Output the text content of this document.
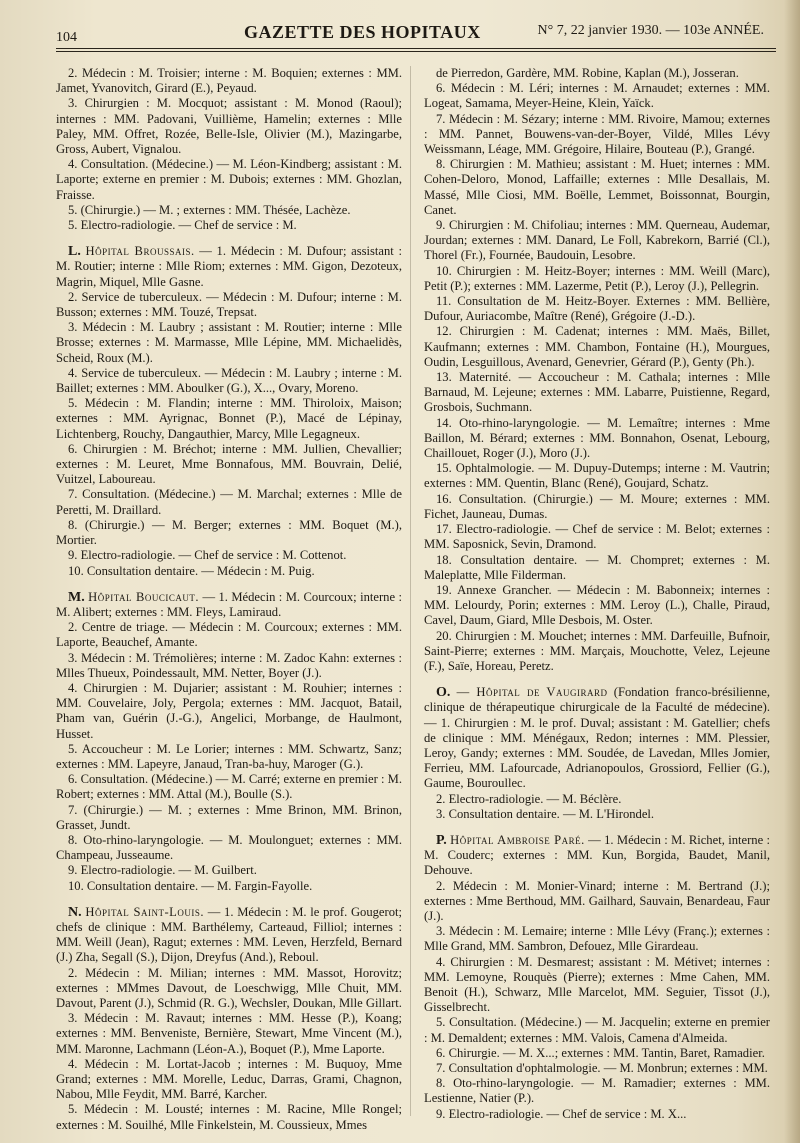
104	GAZETTE DES HOPITAUX	N° 7, 22 janvier 1930. — 103e ANNÉE.

2. Médecin : M. Troisier; interne : M. Boquien; externes : MM. Jamet, Yvanovitch, Girard (E.), Peyaud.

3. Chirurgien : M. Mocquot; assistant : M. Monod (Raoul); internes : MM. Padovani, Vuillième, Hamelin; externes : Mlle Paley, MM. Offret, Rozée, Belle-Isle, Olivier (M.), Mazingarbe, Gross, Aubert, Vignalou.

4. Consultation. (Médecine.) — M. Léon-Kindberg; assistant : M. Laporte; externe en premier : M. Dubois; externes : MM. Ghozlan, Fraisse.

5. (Chirurgie.) — M. ; externes : MM. Thésée, Lachèze.

5. Electro-radiologie. — Chef de service : M.

L. Hôpital Broussais. — 1. Médecin : M. Dufour; assistant : M. Routier; interne : Mlle Riom; externes : MM. Gigon, Dezoteux, Magrin, Miquel, Mlle Gasne.

2. Service de tuberculeux. — Médecin : M. Dufour; interne : M. Busson; externes : MM. Touzé, Trepsat.

3. Médecin : M. Laubry ; assistant : M. Routier; interne : Mlle Brosse; externes : M. Marmasse, Mlle Lépine, MM. Michaelidès, Scheid, Roux (M.).

4. Service de tuberculeux. — Médecin : M. Laubry ; interne : M. Baillet; externes : MM. Aboulker (G.), X..., Ovary, Moreno.

5. Médecin : M. Flandin; interne : MM. Thiroloix, Maison; externes : MM. Ayrignac, Bonnet (P.), Macé de Lépinay, Lichtenberg, Rouchy, Dangauthier, Marcy, Mlle Legagneux.

6. Chirurgien : M. Bréchot; interne : MM. Jullien, Chevallier; externes : M. Leuret, Mme Bonnafous, MM. Bouvrain, Delié, Vuitzel, Laboureau.

7. Consultation. (Médecine.) — M. Marchal; externes : Mlle de Peretti, M. Draillard.

8. (Chirurgie.) — M. Berger; externes : MM. Boquet (M.), Mortier.

9. Electro-radiologie. — Chef de service : M. Cottenot.

10. Consultation dentaire. — Médecin : M. Puig.

M. Hôpital Boucicaut. — 1. Médecin : M. Courcoux; interne : M. Alibert; externes : MM. Fleys, Lamiraud.

2. Centre de triage. — Médecin : M. Courcoux; externes : MM. Laporte, Beauchef, Amante.

3. Médecin : M. Trémolières; interne : M. Zadoc Kahn: externes : Mlles Thueux, Poindessault, MM. Netter, Boyer (J.).

4. Chirurgien : M. Dujarier; assistant : M. Rouhier; internes : MM. Couvelaire, Joly, Pergola; externes : MM. Jacquot, Batail, Pham van, Guérin (J.-G.), Angelici, Morbange, de Haulmont, Husset.

5. Accoucheur : M. Le Lorier; internes : MM. Schwartz, Sanz; externes : MM. Lapeyre, Janaud, Tran-ba-huy, Maroger (G.).

6. Consultation. (Médecine.) — M. Carré; externe en premier : M. Robert; externes : MM. Attal (M.), Boulle (S.).

7. (Chirurgie.) — M. ; externes : Mme Brinon, MM. Brinon, Grasset, Jundt.

8. Oto-rhino-laryngologie. — M. Moulonguet; externes : MM. Champeau, Jusseaume.

9. Electro-radiologie. — M. Guilbert.

10. Consultation dentaire. — M. Fargin-Fayolle.

N. Hôpital Saint-Louis. — 1. Médecin : M. le prof. Gougerot; chefs de clinique : MM. Barthélemy, Carteaud, Filliol; internes : MM. Weill (Jean), Ragut; externes : MM. Leven, Herzfeld, Bernard (J.) Zha, Segall (S.), Dijon, Dreyfus (And.), Reboul.

2. Médecin : M. Milian; internes : MM. Massot, Horovitz; externes : MMmes Davout, de Loeschwigg, Mlle Chuit, MM. Davout, Parent (J.), Schmid (R. G.), Wechsler, Doukan, Mlle Gillart.

3. Médecin : M. Ravaut; internes : MM. Hesse (P.), Koang; externes : MM. Benveniste, Bernière, Stewart, Mme Vincent (M.), MM. Maronne, Lachmann (Léon-A.), Boquet (P.), Mme Laporte.

4. Médecin : M. Lortat-Jacob ; internes : M. Buquoy, Mme Grand; externes : MM. Morelle, Leduc, Darras, Grami, Chagnon, Nabou, Mlle Feydit, MM. Barré, Karcher.

5. Médecin : M. Lousté; internes : M. Racine, Mlle Rongel; externes : M. Souilhé, Mlle Finkelstein, M. Coussieux, Mmes

de Pierredon, Gardère, MM. Robine, Kaplan (M.), Josseran.

6. Médecin : M. Léri; internes : M. Arnaudet; externes : MM. Logeat, Samama, Meyer-Heine, Klein, Yaïck.

7. Médecin : M. Sézary; interne : MM. Rivoire, Mamou; externes : MM. Pannet, Bouwens-van-der-Boyer, Vildé, Mlles Lévy Weissmann, Léage, MM. Grégoire, Hilaire, Bouteau (P.), Grangé.

8. Chirurgien : M. Mathieu; assistant : M. Huet; internes : MM. Cohen-Deloro, Monod, Laffaille; externes : Mlle Desallais, M. Massé, Mlle Ciosi, MM. Boëlle, Lemmet, Boissonnat, Bourgin, Canet.

9. Chirurgien : M. Chifoliau; internes : MM. Querneau, Audemar, Jourdan; externes : MM. Danard, Le Foll, Kabrekorn, Barrié (Cl.), Thorel (Fr.), Fournée, Baudouin, Lesobre.

10. Chirurgien : M. Heitz-Boyer; internes : MM. Weill (Marc), Petit (P.); externes : MM. Lazerme, Petit (P.), Leroy (J.), Pellegrin.

11. Consultation de M. Heitz-Boyer. Externes : MM. Bellière, Dufour, Auriacombe, Maître (René), Grégoire (J.-D.).

12. Chirurgien : M. Cadenat; internes : MM. Maës, Billet, Kaufmann; externes : MM. Chambon, Fontaine (H.), Mourgues, Oudin, Lesguillous, Avenard, Genevrier, Gérard (P.), Genty (Ph.).

13. Maternité. — Accoucheur : M. Cathala; internes : Mlle Barnaud, M. Lejeune; externes : MM. Labarre, Puistienne, Regard, Grosbois, Suchmann.

14. Oto-rhino-laryngologie. — M. Lemaître; internes : Mme Baillon, M. Bérard; externes : MM. Bonnahon, Osenat, Lebourg, Chaillouet, Roger (J.), Moro (J.).

15. Ophtalmologie. — M. Dupuy-Dutemps; interne : M. Vautrin; externes : MM. Quentin, Blanc (René), Goujard, Schatz.

16. Consultation. (Chirurgie.) — M. Moure; externes : MM. Fichet, Jauneau, Dumas.

17. Electro-radiologie. — Chef de service : M. Belot; externes : MM. Saposnick, Sevin, Dramond.

18. Consultation dentaire. — M. Chompret; externes : M. Maleplatte, Mlle Filderman.

19. Annexe Grancher. — Médecin : M. Babonneix; internes : MM. Lelourdy, Porin; externes : MM. Leroy (L.), Challe, Piraud, Cavel, Daum, Giard, Mlle Desbois, M. Oster.

20. Chirurgien : M. Mouchet; internes : MM. Darfeuille, Bufnoir, Saint-Pierre; externes : MM. Marçais, Mouchotte, Velez, Lejeune (F.), Saïe, Horeau, Peretz.

O. — Hôpital de Vaugirard (Fondation franco-brésilienne, clinique de thérapeutique chirurgicale de la Faculté de médecine). — 1. Chirurgien : M. le prof. Duval; assistant : M. Gatellier; chefs de clinique : MM. Ménégaux, Redon; internes : MM. Plessier, Leroy, Gandy; externes : MM. Soudée, de Lavedan, Mlles Jomier, Ferrieu, MM. Lafourcade, Adrianopoulos, Grossiord, Fellier (G.), Gaume, Bouroullec.

2. Electro-radiologie. — M. Béclère.

3. Consultation dentaire. — M. L'Hirondel.

P. Hôpital Ambroise Paré. — 1. Médecin : M. Richet, interne : M. Couderc; externes : MM. Kun, Borgida, Baudet, Manil, Dehouve.

2. Médecin : M. Monier-Vinard; interne : M. Bertrand (J.); externes : Mme Berthoud, MM. Gailhard, Sauvain, Benardeau, Faur (J.).

3. Médecin : M. Lemaire; interne : Mlle Lévy (Franç.); externes : Mlle Grand, MM. Sambron, Defouez, Mlle Girardeau.

4. Chirurgien : M. Desmarest; assistant : M. Métivet; internes : MM. Lemoyne, Rouquès (Pierre); externes : Mme Cahen, MM. Benoit (H.), Schwarz, Mlle Marcelot, MM. Seguier, Tissot (J.), Gisselbrecht.

5. Consultation. (Médecine.) — M. Jacquelin; externe en premier : M. Demaldent; externes : MM. Valois, Camena d'Almeida.

6. Chirurgie. — M. X...; externes : MM. Tantin, Baret, Ramadier.

7. Consultation d'ophtalmologie. — M. Monbrun; externes : MM.

8. Oto-rhino-laryngologie. — M. Ramadier; externes : MM. Lestienne, Natier (P.).

9. Electro-radiologie. — Chef de service : M. X...
